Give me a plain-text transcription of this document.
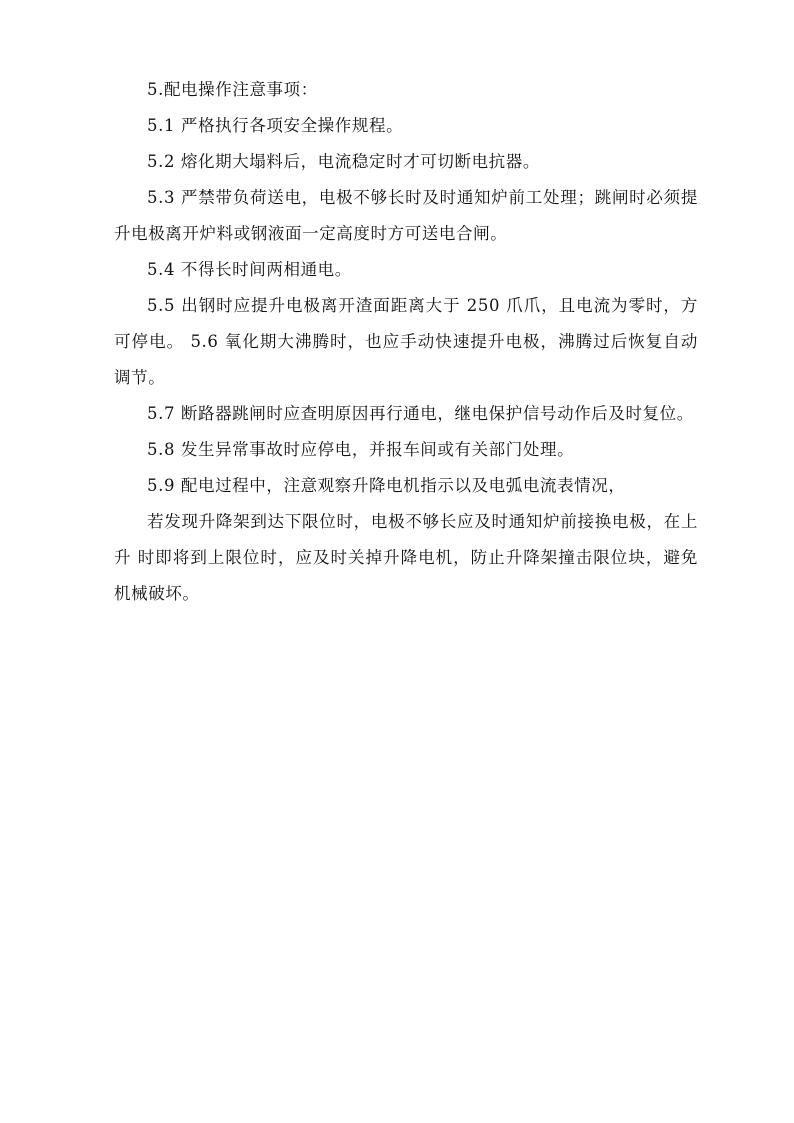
5.配电操作注意事项：

5.1 严格执行各项安全操作规程。

5.2 熔化期大塌料后，电流稳定时才可切断电抗器。

5.3 严禁带负荷送电，电极不够长时及时通知炉前工处理；跳闸时必须提升电极离开炉料或钢液面一定高度时方可送电合闸。

5.4 不得长时间两相通电。

5.5 出钢时应提升电极离开渣面距离大于 250 爪爪，且电流为零时，方可停电。 5.6 氧化期大沸腾时，也应手动快速提升电极，沸腾过后恢复自动调节。

5.7 断路器跳闸时应查明原因再行通电，继电保护信号动作后及时复位。

5.8 发生异常事故时应停电，并报车间或有关部门处理。

5.9 配电过程中，注意观察升降电机指示以及电弧电流表情况，

若发现升降架到达下限位时，电极不够长应及时通知炉前接换电极，在上升 时即将到上限位时，应及时关掉升降电机，防止升降架撞击限位块，避免机械破坏。
